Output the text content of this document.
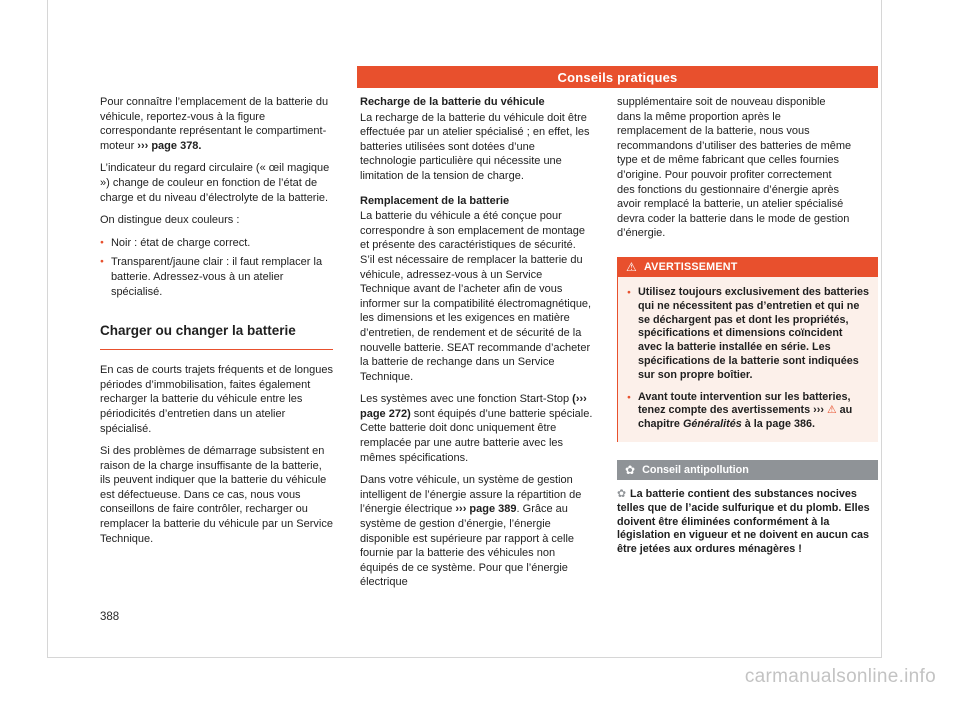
Conseils pratiques

Pour connaître l’emplacement de la batterie du véhicule, reportez-vous à la figure correspondante représentant le compartiment-moteur ››› page 378.

L’indicateur du regard circulaire (« œil magique ») change de couleur en fonction de l’état de charge et du niveau d’électrolyte de la batterie.

On distingue deux couleurs :

● Noir : état de charge correct.
● Transparent/jaune clair : il faut remplacer la batterie. Adressez-vous à un atelier spécialisé.
Charger ou changer la batterie

En cas de courts trajets fréquents et de longues périodes d’immobilisation, faites également recharger la batterie du véhicule entre les périodicités d’entretien dans un atelier spécialisé.

Si des problèmes de démarrage subsistent en raison de la charge insuffisante de la batterie, ils peuvent indiquer que la batterie du véhicule est défectueuse. Dans ce cas, nous vous conseillons de faire contrôler, recharger ou remplacer la batterie du véhicule par un Service Technique.

Recharge de la batterie du véhicule

La recharge de la batterie du véhicule doit être effectuée par un atelier spécialisé ; en effet, les batteries utilisées sont dotées d’une technologie particulière qui nécessite une limitation de la tension de charge.

Remplacement de la batterie

La batterie du véhicule a été conçue pour correspondre à son emplacement de montage et présente des caractéristiques de sécurité. S’il est nécessaire de remplacer la batterie du véhicule, adressez-vous à un Service Technique avant de l’acheter afin de vous informer sur la compatibilité électromagnétique, les dimensions et les exigences en matière d’entretien, de rendement et de sécurité de la nouvelle batterie. SEAT recommande d’acheter la batterie de rechange dans un Service Technique.

Les systèmes avec une fonction Start-Stop (››› page 272) sont équipés d’une batterie spéciale. Cette batterie doit donc uniquement être remplacée par une autre batterie avec les mêmes spécifications.

Dans votre véhicule, un système de gestion intelligent de l’énergie assure la répartition de l’énergie électrique ››› page 389. Grâce au système de gestion d’énergie, l’énergie disponible est supérieure par rapport à celle fournie par la batterie des véhicules non équipés de ce système. Pour que l’énergie électrique

supplémentaire soit de nouveau disponible dans la même proportion après le remplacement de la batterie, nous vous recommandons d’utiliser des batteries de même type et de même fabricant que celles fournies d’origine. Pour pouvoir profiter correctement des fonctions du gestionnaire d’énergie après avoir remplacé la batterie, un atelier spécialisé devra coder la batterie dans le mode de gestion d’énergie.

⚠ AVERTISSEMENT
● Utilisez toujours exclusivement des batteries qui ne nécessitent pas d’entretien et qui ne se déchargent pas et dont les propriétés, spécifications et dimensions coïncident avec la batterie installée en série. Les spécifications de la batterie sont indiquées sur son propre boîtier.
● Avant toute intervention sur les batteries, tenez compte des avertissements ››› ⚠ au chapitre Généralités à la page 386.
✿ Conseil antipollution
✿ La batterie contient des substances nocives telles que de l’acide sulfurique et du plomb. Elles doivent être éliminées conformément à la législation en vigueur et ne doivent en aucun cas être jetées aux ordures ménagères !
388
carmanualsonline.info
